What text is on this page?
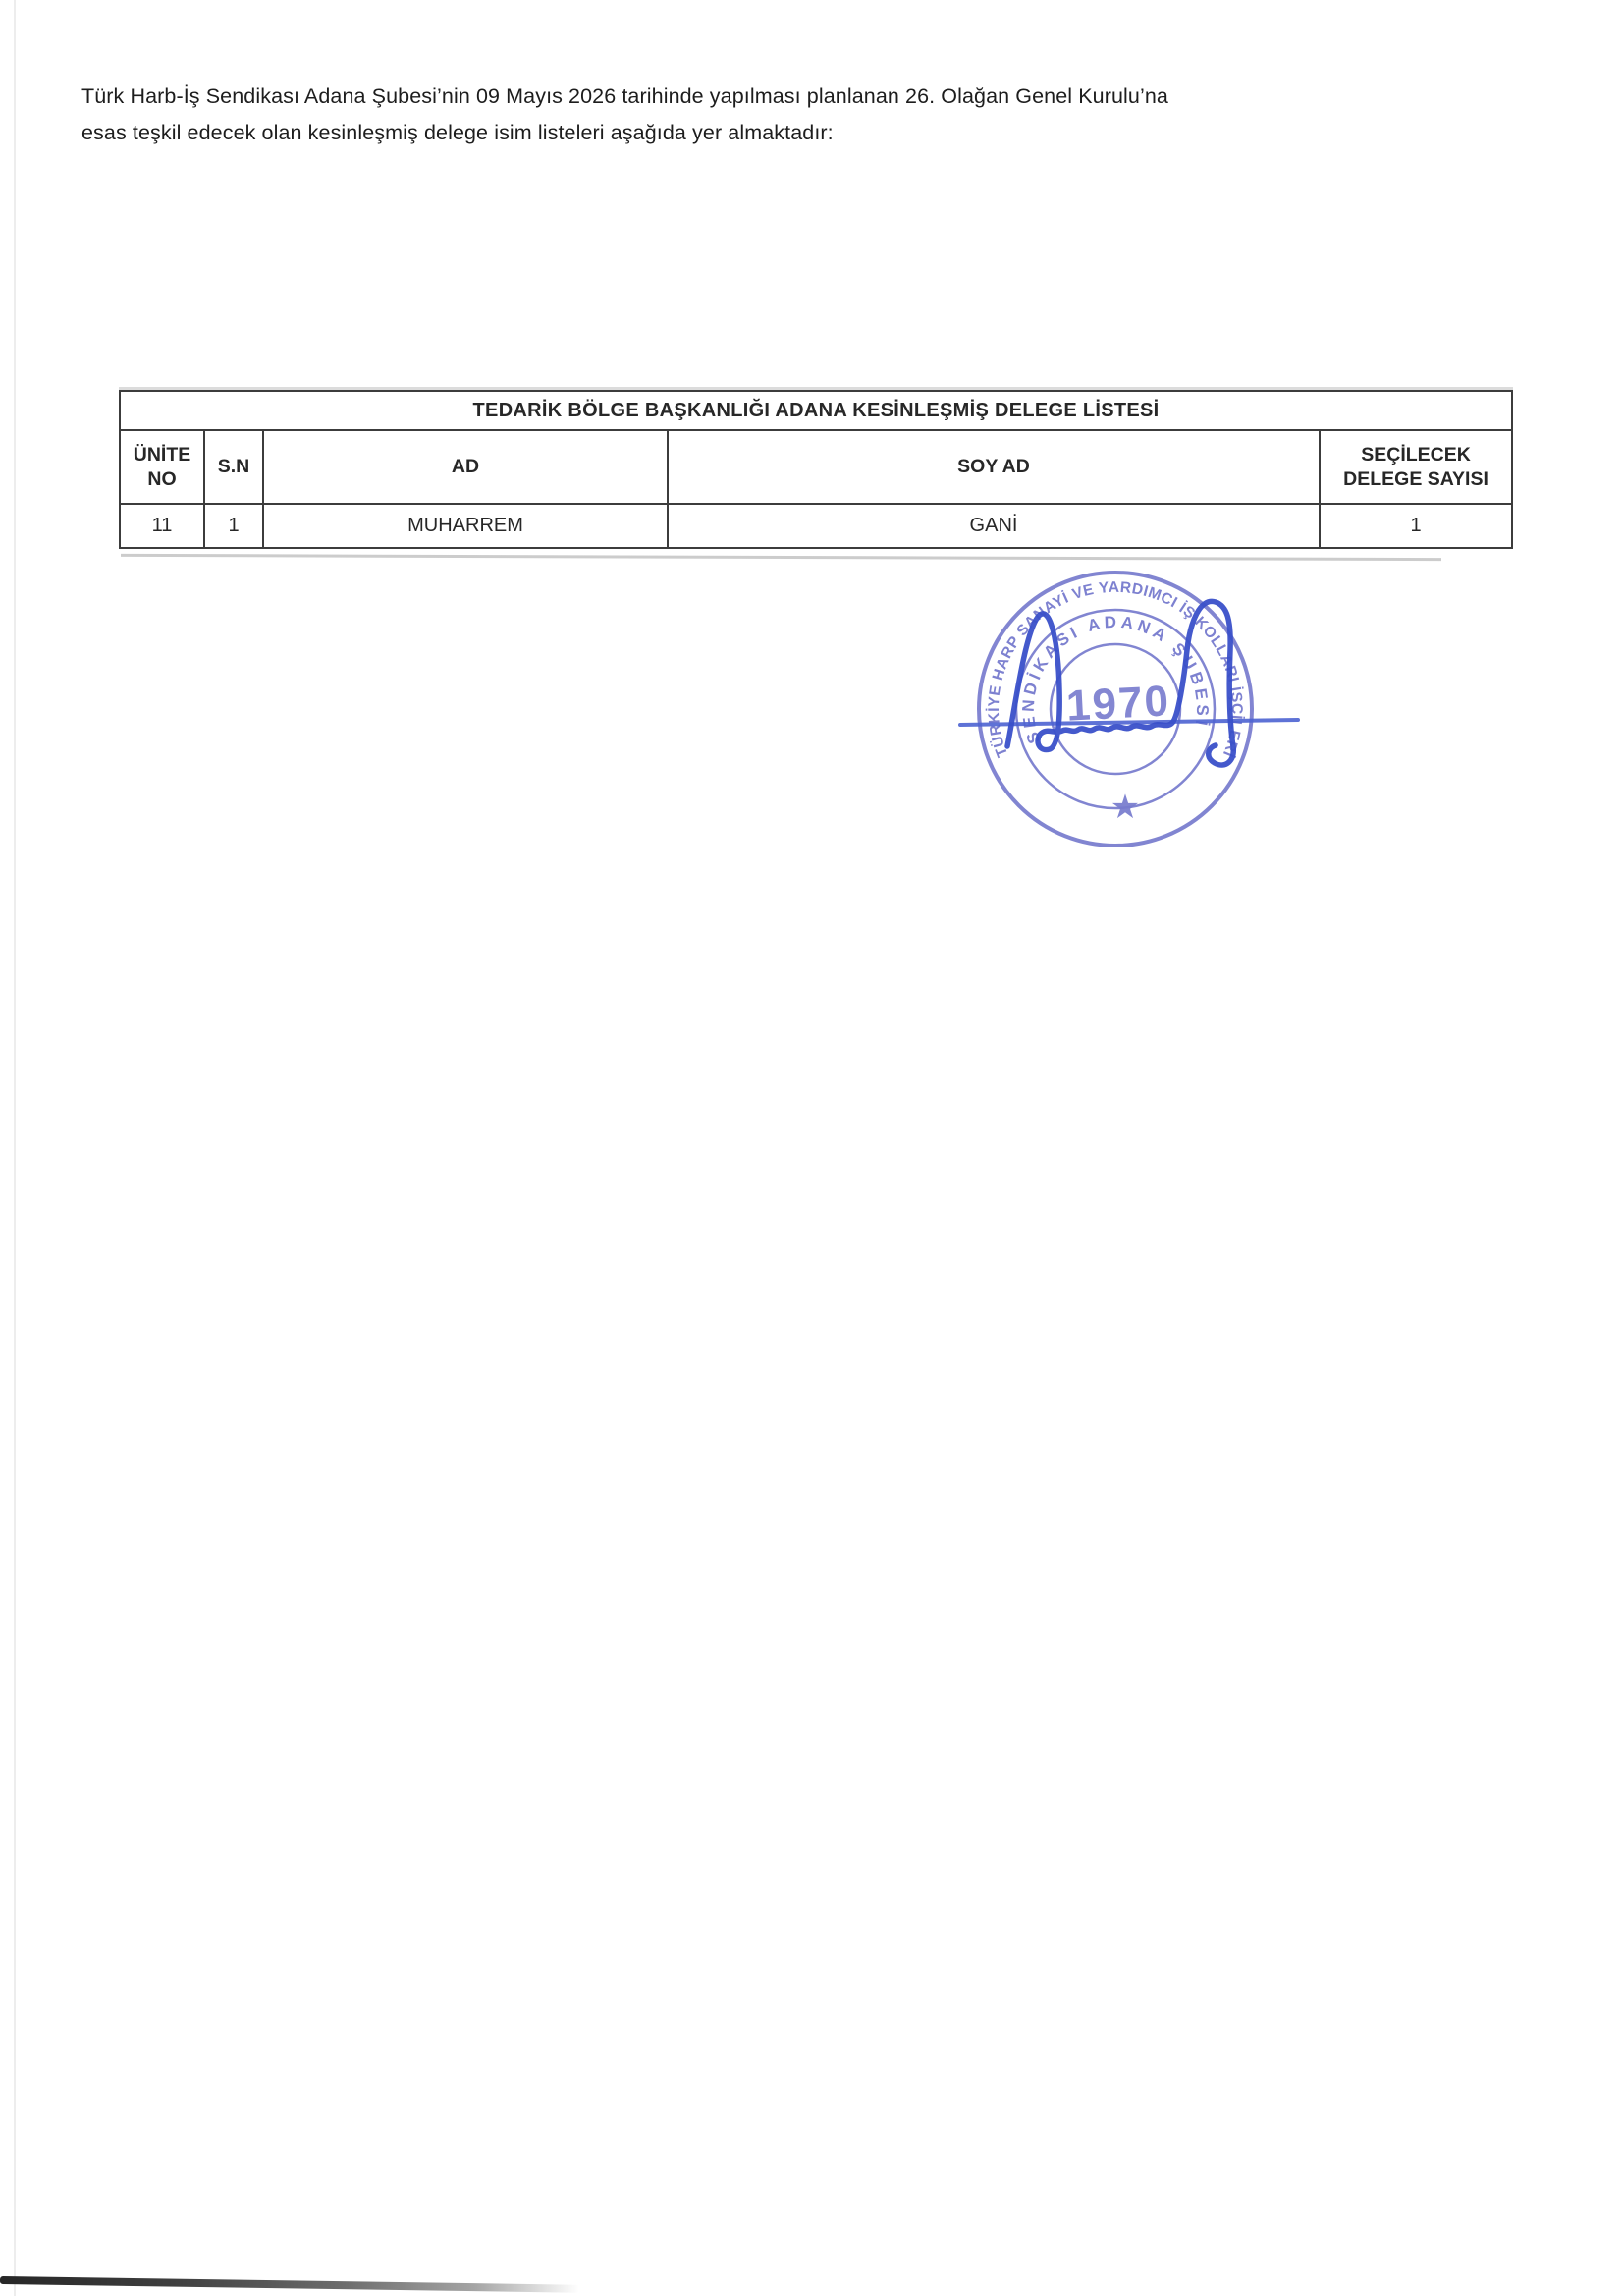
Türk Harb-İş Sendikası Adana Şubesi’nin 09 Mayıs 2026 tarihinde yapılması planlanan 26. Olağan Genel Kurulu’na
esas teşkil edecek olan kesinleşmiş delege isim listeleri aşağıda yer almaktadır:
TEDARİK BÖLGE BAŞKANLIĞI ADANA KESİNLEŞMİŞ DELEGE LİSTESİ				
ÜNİTE NO	S.N	AD	SOY AD	SEÇİLECEK DELEGE SAYISI
11	1	MUHARREM	GANİ	1
TÜRKİYE HARP SANAYİ VE YARDIMCI İŞ KOLLARI İŞÇİLERİ
SENDİKASI ADANA ŞUBESİ
1970
★
